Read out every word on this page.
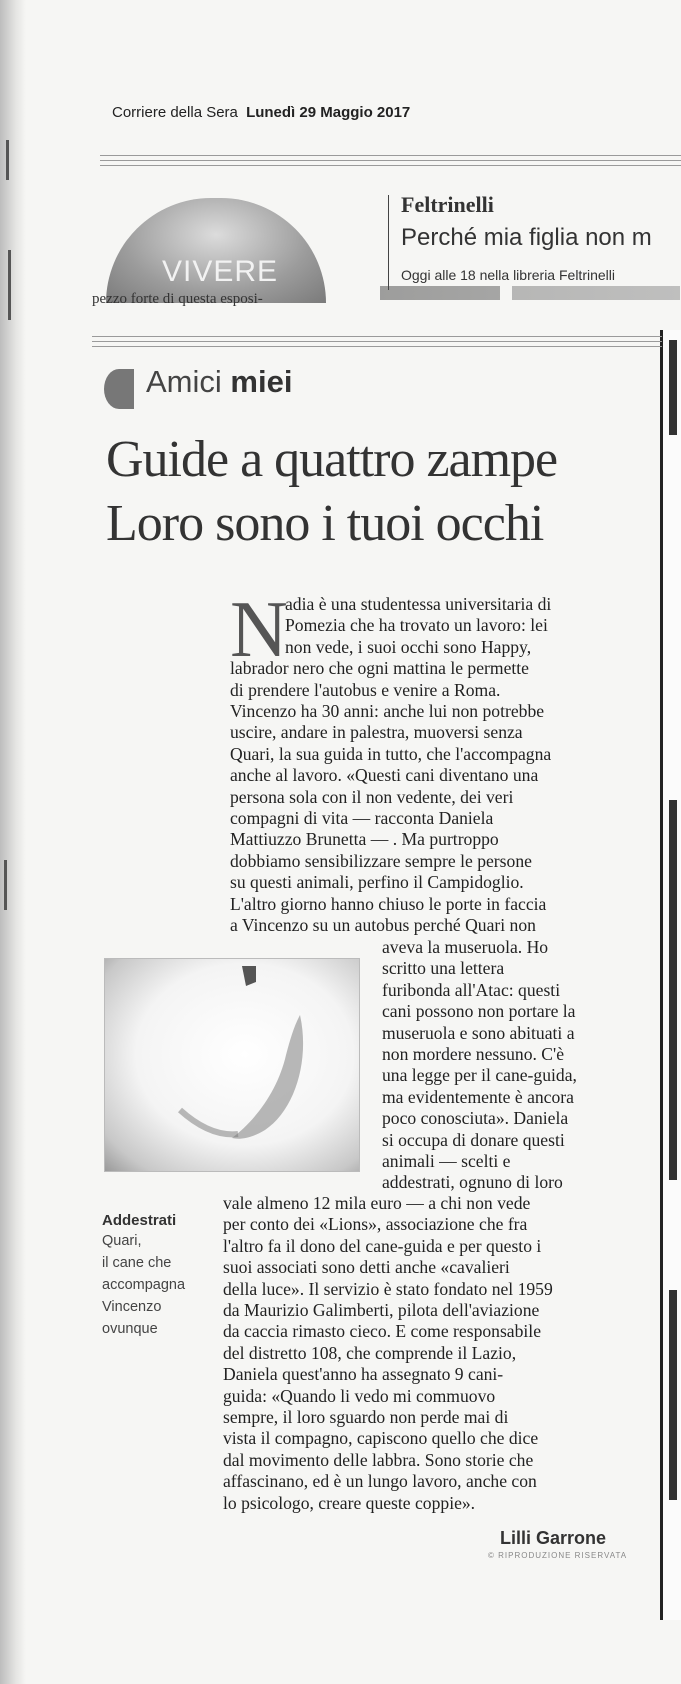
Corriere della Sera Lunedì 29 Maggio 2017
VIVERE
pezzo forte di questa esposi-
Feltrinelli
Perché mia figlia non m
Oggi alle 18 nella libreria Feltrinelli
Amici miei
Guide a quattro zampe
Loro sono i tuoi occhi
N
adia è una studentessa universitaria di
Pomezia che ha trovato un lavoro: lei
non vede, i suoi occhi sono Happy,
labrador nero che ogni mattina le permette
di prendere l'autobus e venire a Roma.
Vincenzo ha 30 anni: anche lui non potrebbe
uscire, andare in palestra, muoversi senza
Quari, la sua guida in tutto, che l'accompagna
anche al lavoro. «Questi cani diventano una
persona sola con il non vedente, dei veri
compagni di vita — racconta Daniela
Mattiuzzo Brunetta — . Ma purtroppo
dobbiamo sensibilizzare sempre le persone
su questi animali, perfino il Campidoglio.
L'altro giorno hanno chiuso le porte in faccia
a Vincenzo su un autobus perché Quari non
aveva la museruola. Ho
scritto una lettera
furibonda all'Atac: questi
cani possono non portare la
museruola e sono abituati a
non mordere nessuno. C'è
una legge per il cane-guida,
ma evidentemente è ancora
poco conosciuta». Daniela
si occupa di donare questi
animali — scelti e
addestrati, ognuno di loro
vale almeno 12 mila euro — a chi non vede
per conto dei «Lions», associazione che fra
l'altro fa il dono del cane-guida e per questo i
suoi associati sono detti anche «cavalieri
della luce». Il servizio è stato fondato nel 1959
da Maurizio Galimberti, pilota dell'aviazione
da caccia rimasto cieco. E come responsabile
del distretto 108, che comprende il Lazio,
Daniela quest'anno ha assegnato 9 cani-
guida: «Quando li vedo mi commuovo
sempre, il loro sguardo non perde mai di
vista il compagno, capiscono quello che dice
dal movimento delle labbra. Sono storie che
affascinano, ed è un lungo lavoro, anche con
lo psicologo, creare queste coppie».
Addestrati
Quari,
il cane che
accompagna
Vincenzo
ovunque
Lilli Garrone
© RIPRODUZIONE RISERVATA
